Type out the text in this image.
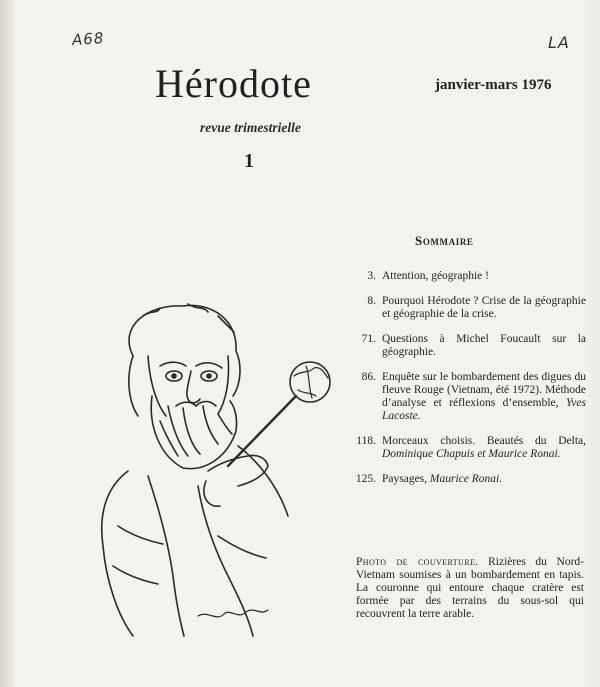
A68	LA
Hérodote	janvier-mars 1976
revue trimestrielle
1
Sommaire
3. Attention, géographie !
8. Pourquoi Hérodote ? Crise de la géographie et géographie de la crise.
71. Questions à Michel Foucault sur la géographie.
86. Enquête sur le bombardement des digues du fleuve Rouge (Vietnam, été 1972). Méthode d’analyse et réflexions d’ensemble, Yves Lacoste.
118. Morceaux choisis. Beautés du Delta, Dominique Chapuis et Maurice Ronai.
125. Paysages, Maurice Ronai.
Photo de couverture. Rizières du Nord-Vietnam soumises à un bombardement en tapis. La couronne qui entoure chaque cratère est formée par des terrains du sous-sol qui recouvrent la terre arable.
